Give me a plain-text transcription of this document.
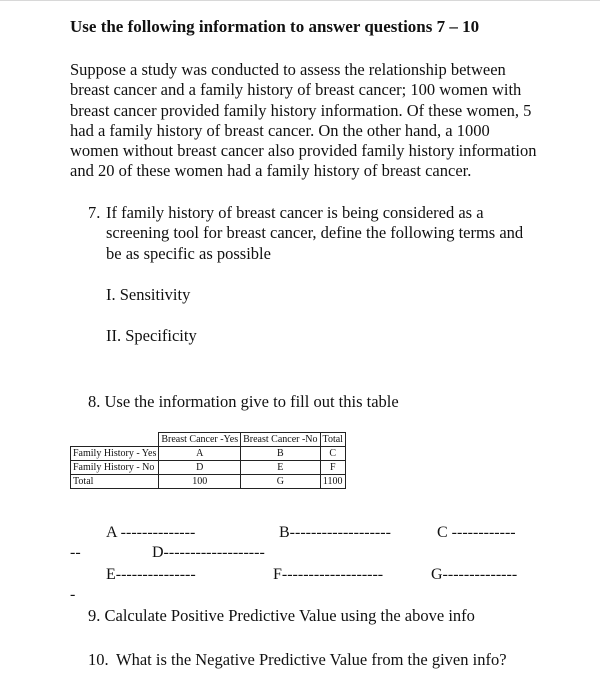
Use the following information to answer questions 7 – 10
Suppose a study was conducted to assess the relationship between breast cancer and a family history of breast cancer; 100 women with breast cancer provided family history information. Of these women, 5 had a family history of breast cancer. On the other hand, a 1000 women without breast cancer also provided family history information and 20 of these women had a family history of breast cancer.
7. If family history of breast cancer is being considered as a screening tool for breast cancer, define the following terms and be as specific as possible
I. Sensitivity
II. Specificity
8. Use the information give to fill out this table
	Breast Cancer -Yes	Breast Cancer -No	Total
Family History - Yes	A	B	C
Family History - No	D	E	F
Total	100	G	1100
A --------------	B-------------------	C ------------
--	D-------------------
E---------------	F-------------------	G--------------
-
9. Calculate Positive Predictive Value using the above info
10. What is the Negative Predictive Value from the given info?
